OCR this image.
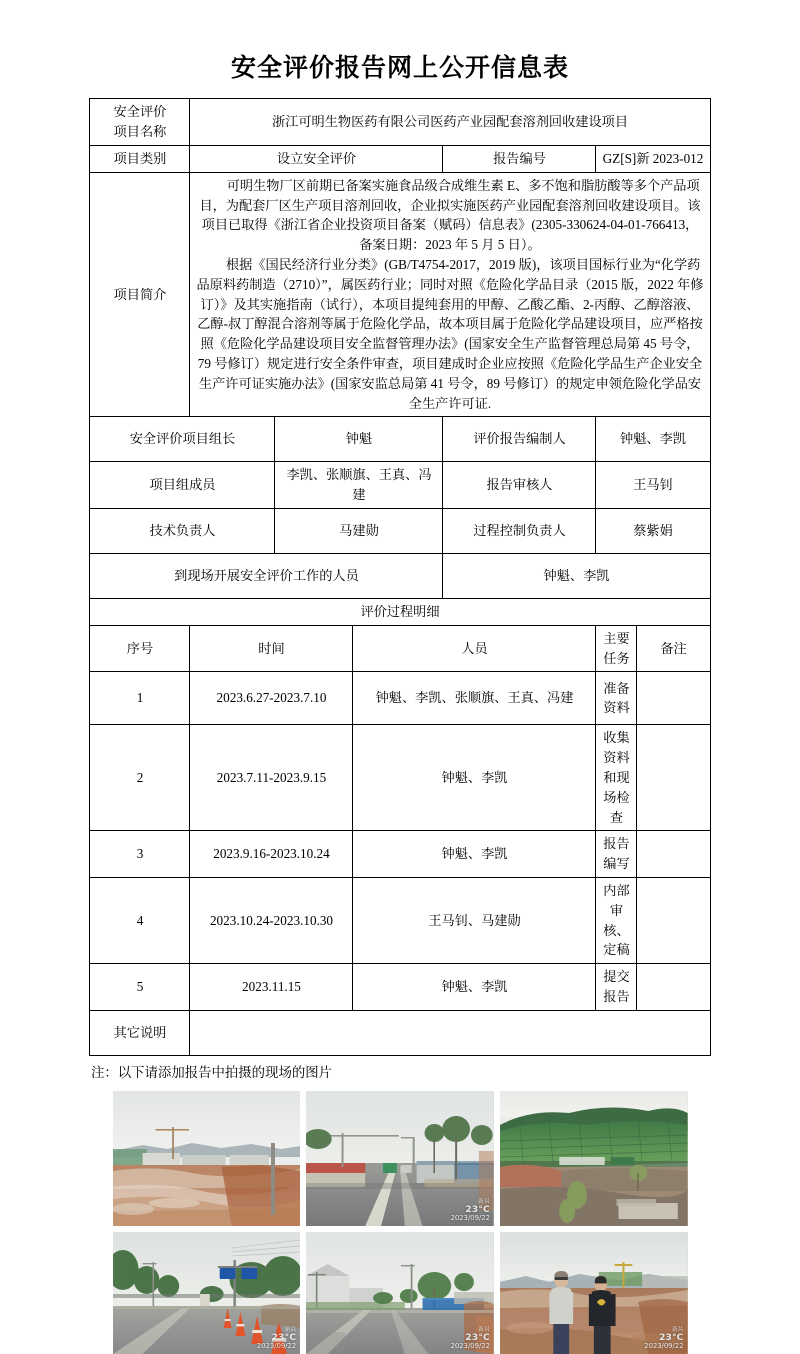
安全评价报告网上公开信息表
安全评价
项目名称	浙江可明生物医药有限公司医药产业园配套溶剂回收建设项目					
项目类别	设立安全评价			报告编号	GZ[S]新 2023-012	
项目简介	可明生物厂区前期已备案实施食品级合成维生素 E、多不饱和脂肪酸等多个产品项目，为配套厂区生产项目溶剂回收，企业拟实施医药产业园配套溶剂回收建设项目。该项目已取得《浙江省企业投资项目备案（赋码）信息表》(2305-330624-04-01-766413，备案日期：2023 年 5 月 5 日）。

根据《国民经济行业分类》(GB/T4754-2017，2019 版)，该项目国标行业为“化学药品原料药制造（2710）”，属医药行业；同时对照《危险化学品目录（2015 版，2022 年修订）》及其实施指南（试行），本项目提纯套用的甲醇、乙酸乙酯、2-丙醇、乙醇溶液、乙醇-叔丁醇混合溶剂等属于危险化学品，故本项目属于危险化学品建设项目，应严格按照《危险化学品建设项目安全监督管理办法》(国家安全生产监督管理总局第 45 号令，79 号修订）规定进行安全条件审查，项目建成时企业应按照《危险化学品生产企业安全生产许可证实施办法》(国家安监总局第 41 号令，89 号修订）的规定申领危险化学品安全生产许可证.					

安全评价项目组长		钟魁		评价报告编制人	钟魁、李凯	
项目组成员		李凯、张顺旗、王真、冯建		报告审核人	王马钊	
技术负责人		马建勋		过程控制负责人	蔡紫娟	
到现场开展安全评价工作的人员				钟魁、李凯		
评价过程明细						
序号	时间		人员		主要任务	备注
1	2023.6.27-2023.7.10		钟魁、李凯、张顺旗、王真、冯建		准备资料	
2	2023.7.11-2023.9.15		钟魁、李凯		收集资料和现场检查	
3	2023.9.16-2023.10.24		钟魁、李凯		报告编写	
4	2023.10.24-2023.10.30		王马钊、马建勋		内部审核、定稿	
5	2023.11.15		钟魁、李凯		提交报告	
其它说明						
注：以下请添加报告中拍摄的现场的图片
新昌
23°C
2023/09/22
新昌
23°C
2023/09/22
新昌
23°C
2023/09/22
新昌
23°C
2023/09/22
